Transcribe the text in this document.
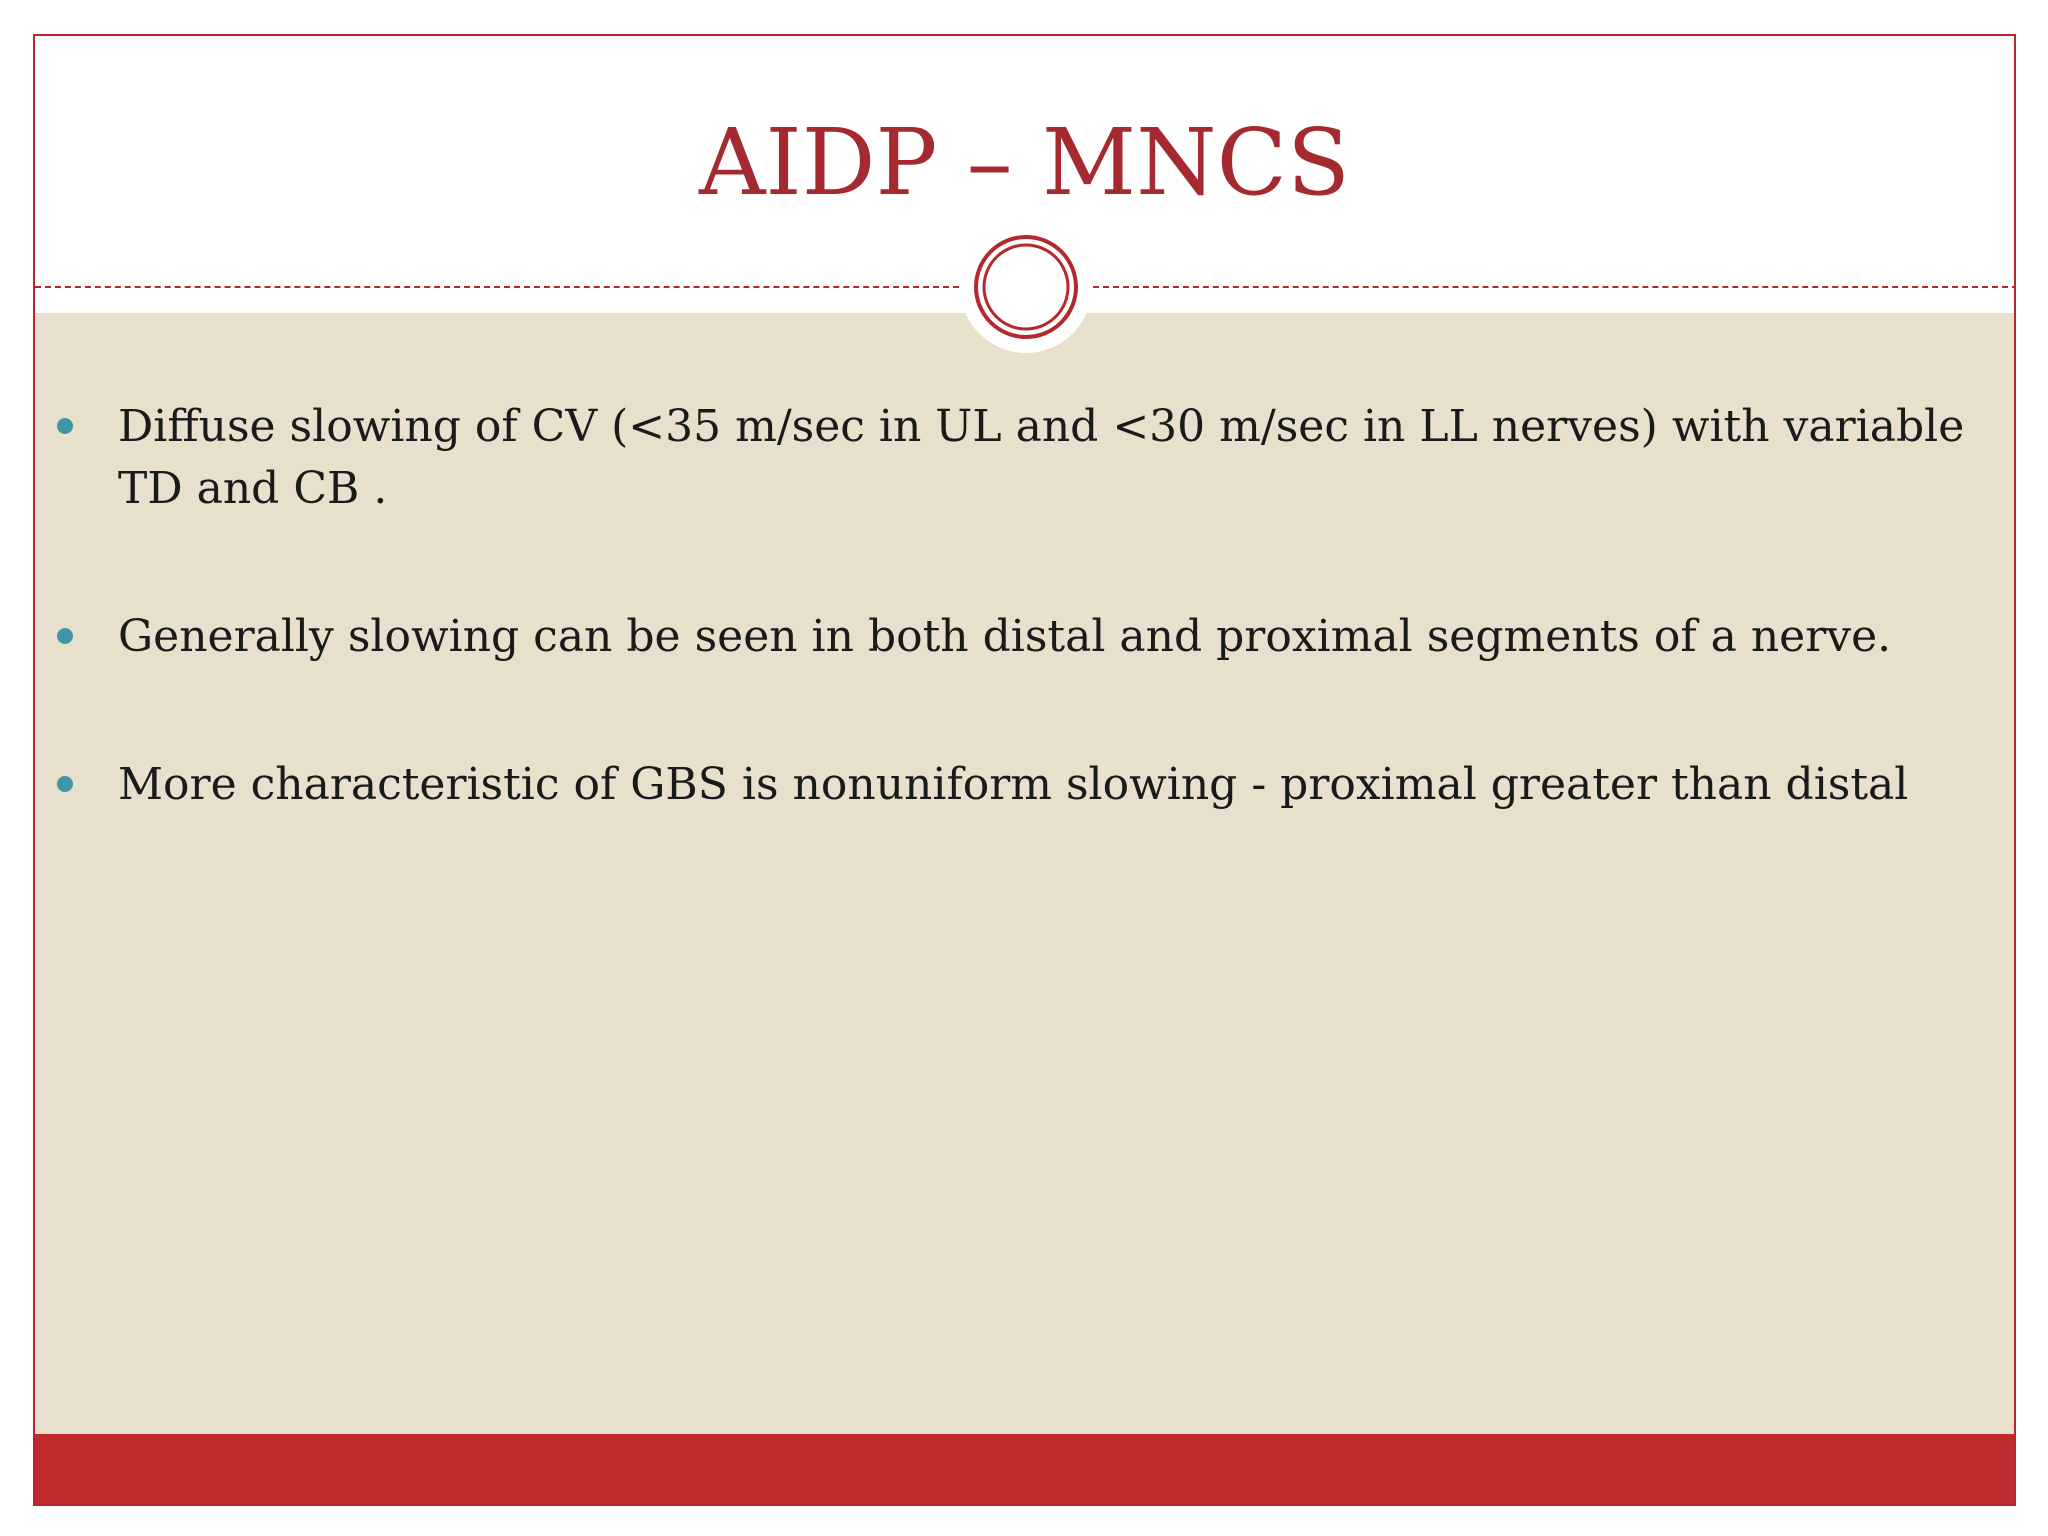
AIDP – MNCS
Diffuse slowing of CV (<35 m/sec in UL and <30 m/sec in LL nerves) with variable TD and CB .
Generally slowing can be seen in both distal and proximal segments of a nerve.
More characteristic of GBS is nonuniform slowing - proximal greater than distal
